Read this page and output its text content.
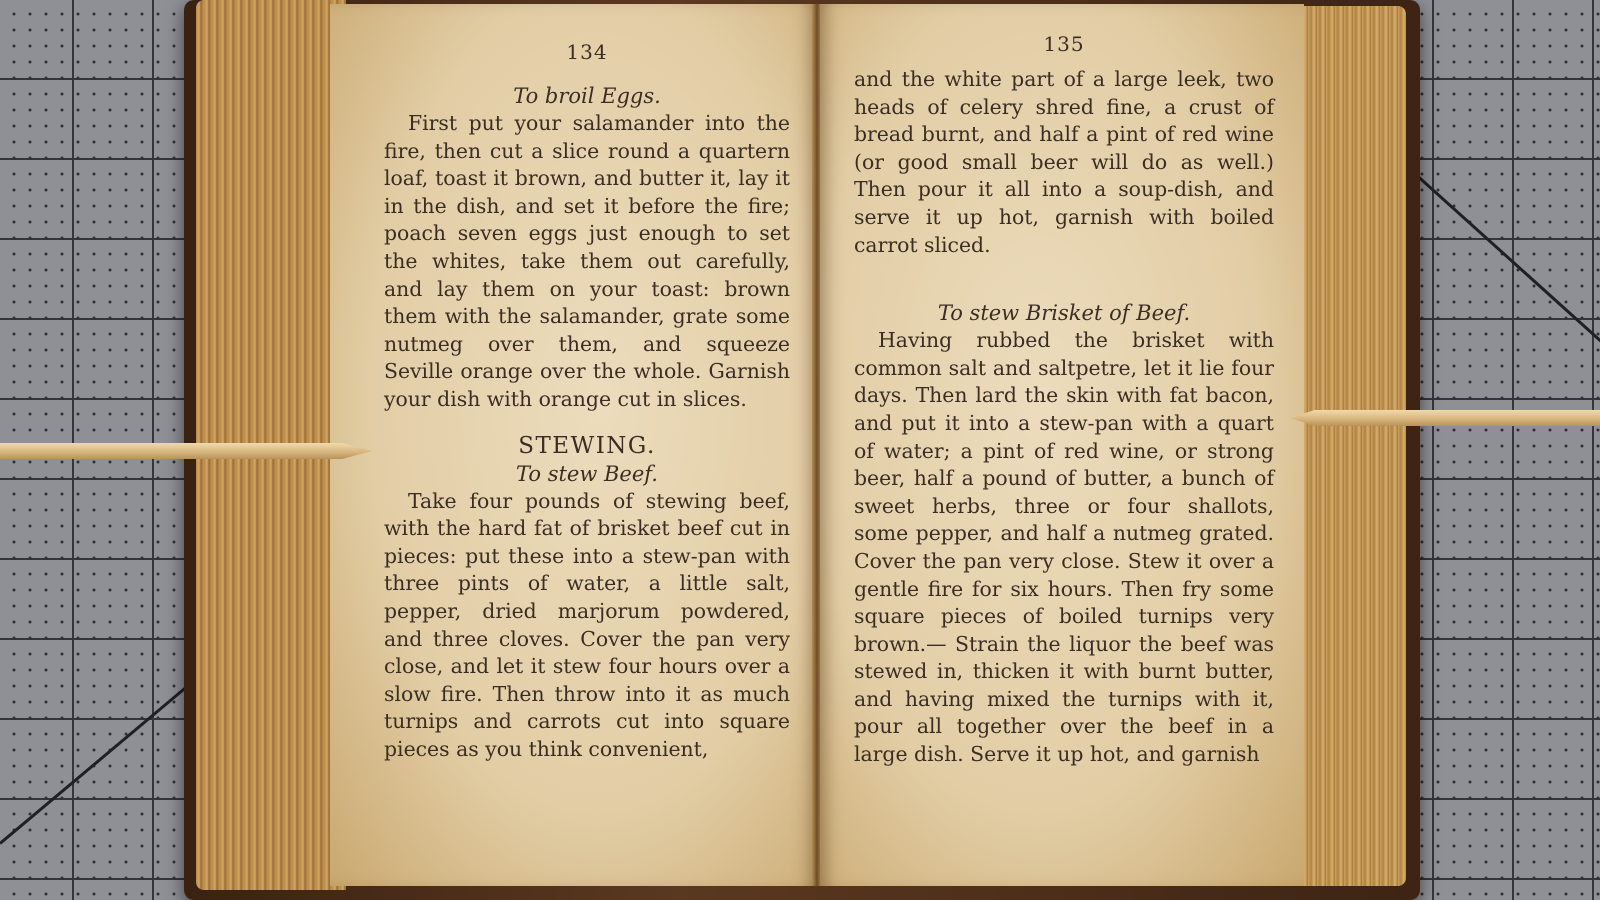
134
To broil Eggs.

First put your salamander into the fire, then cut a slice round a quartern loaf, toast it brown, and butter it, lay it in the dish, and set it before the fire; poach seven eggs just enough to set the whites, take them out carefully, and lay them on your toast: brown them with the salamander, grate some nutmeg over them, and squeeze Seville orange over the whole. Garnish your dish with orange cut in slices.

STEWING.
To stew Beef.

Take four pounds of stewing beef, with the hard fat of brisket beef cut in pieces: put these into a stew-pan with three pints of water, a little salt, pepper, dried marjorum powdered, and three cloves. Cover the pan very close, and let it stew four hours over a slow fire. Then throw into it as much turnips and carrots cut into square pieces as you think convenient,

135

and the white part of a large leek, two heads of celery shred fine, a crust of bread burnt, and half a pint of red wine (or good small beer will do as well.) Then pour it all into a soup-dish, and serve it up hot, garnish with boiled carrot sliced.

To stew Brisket of Beef.

Having rubbed the brisket with common salt and saltpetre, let it lie four days. Then lard the skin with fat bacon, and put it into a stew-pan with a quart of water; a pint of red wine, or strong beer, half a pound of butter, a bunch of sweet herbs, three or four shallots, some pepper, and half a nutmeg grated. Cover the pan very close. Stew it over a gentle fire for six hours. Then fry some square pieces of boiled turnips very brown.— Strain the liquor the beef was stewed in, thicken it with burnt butter, and having mixed the turnips with it, pour all together over the beef in a large dish. Serve it up hot, and garnish
